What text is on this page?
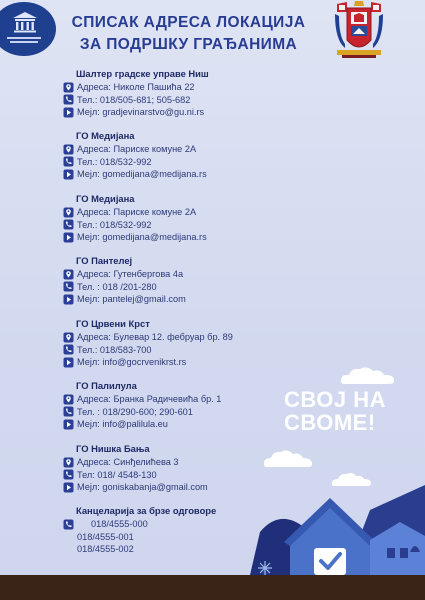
СПИСАК АДРЕСА ЛОКАЦИЈА
ЗА ПОДРШКУ ГРАЂАНИМА
Шалтер градске управе Ниш
Адреса: Николе Пашића 22
Тел.: 018/505-681; 505-682
Мејл: gradjevinarstvo@gu.ni.rs
ГО Медијана
Адреса: Париске комуне 2А
Тел.: 018/532-992
Мејл: gomedijana@medijana.rs
ГО Медијана
Адреса: Париске комуне 2А
Тел.: 018/532-992
Мејл: gomedijana@medijana.rs
ГО Пантелеј
Адреса: Гутенбергова 4а
Тел. : 018 /201-280
Мејл: pantelej@gmail.com
ГО Црвени Крст
Адреса: Булевар 12. фебруар бр. 89
Тел.: 018/583-700
Мејл: info@gocrvenikrst.rs
ГО Палилула
Адреса: Бранка Радичевића бр. 1
Тел. : 018/290-600; 290-601
Мејл: info@palilula.eu
ГО Нишка Бања
Адреса: Синђелићева 3
Тел: 018/ 4548-130
Мејл: goniskabanja@gmail.com
Канцеларија за брзе одговоре
018/4555-000
018/4555-001
018/4555-002
СВОЈ НА
СВОМЕ!
